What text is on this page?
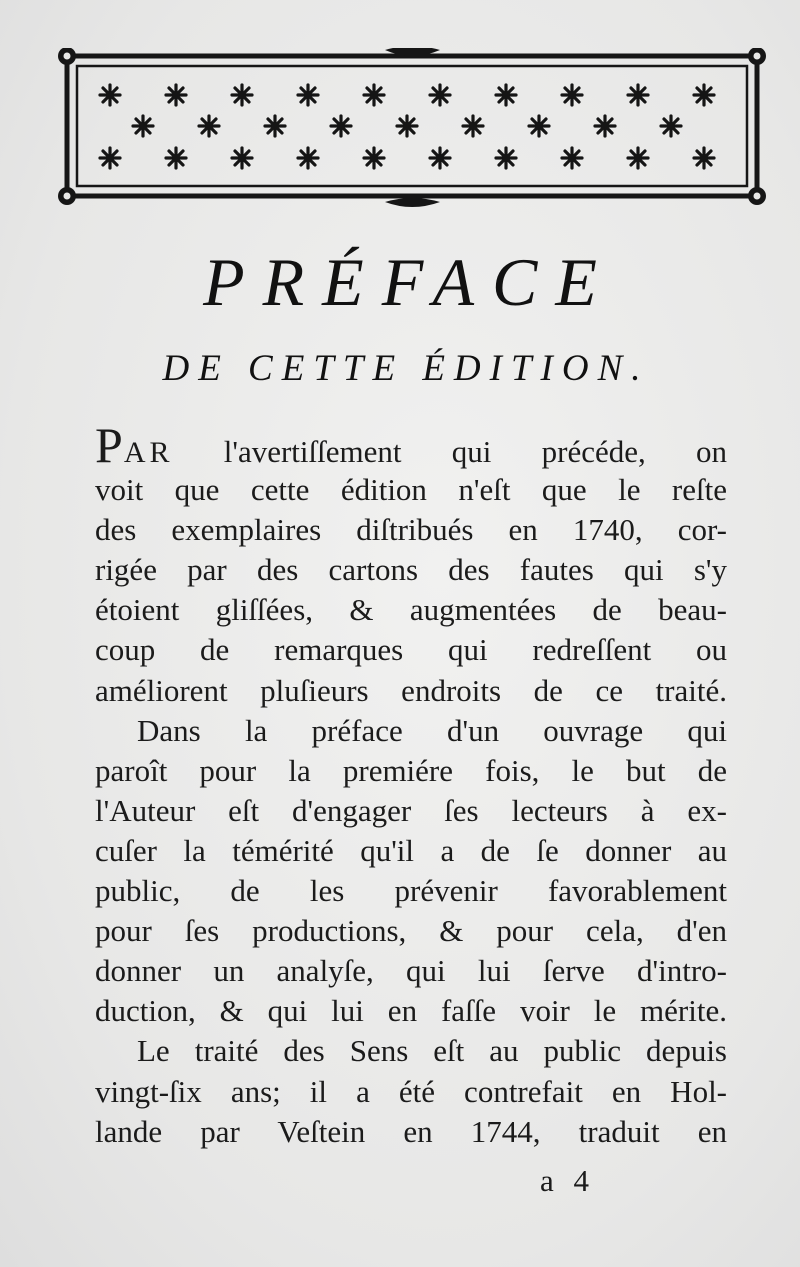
PRÉFACE
DE CETTE ÉDITION.
PAR l'avertiſſement qui précéde, on
voit que cette édition n'eſt que le reſte
des exemplaires diſtribués en 1740, cor-
rigée par des cartons des fautes qui s'y
étoient gliſſées, & augmentées de beau-
coup de remarques qui redreſſent ou
améliorent pluſieurs endroits de ce traité.
Dans la préface d'un ouvrage qui
paroît pour la premiére fois, le but de
l'Auteur eſt d'engager ſes lecteurs à ex-
cuſer la témérité qu'il a de ſe donner au
public, de les prévenir favorablement
pour ſes productions, & pour cela, d'en
donner un analyſe, qui lui ſerve d'intro-
duction, & qui lui en faſſe voir le mérite.
Le traité des Sens eſt au public depuis
vingt-ſix ans; il a été contrefait en Hol-
lande par Veſtein en 1744, traduit en
a 4
